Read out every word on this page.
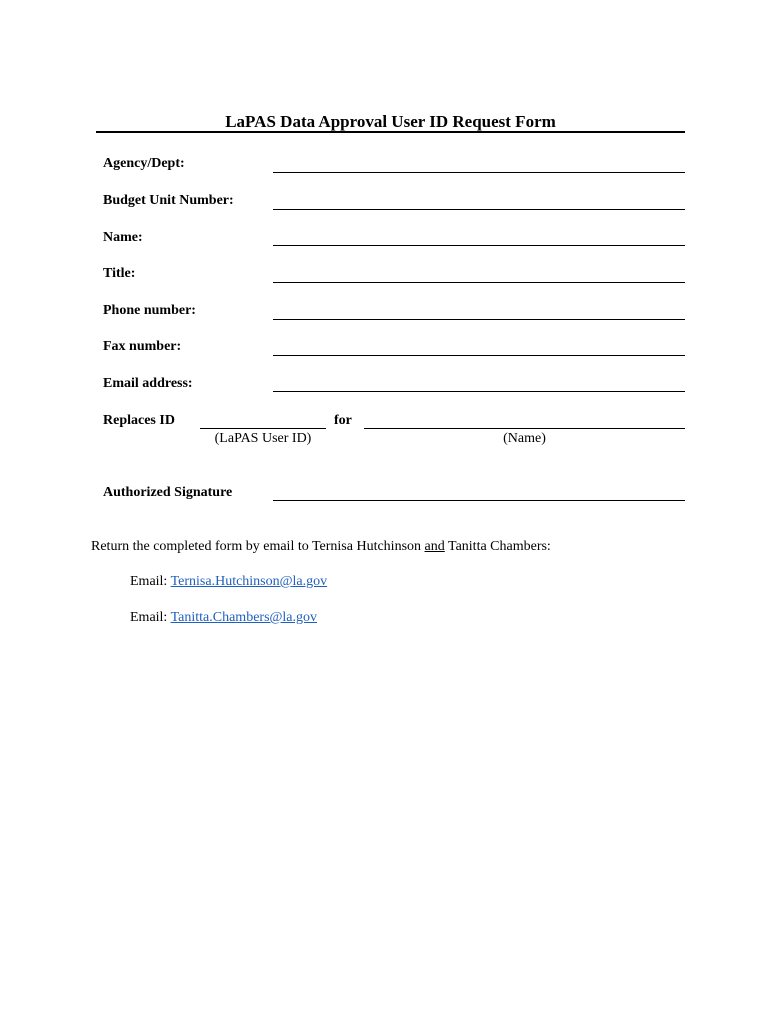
LaPAS Data Approval User ID Request Form
Agency/Dept:
Budget Unit Number:
Name:
Title:
Phone number:
Fax number:
Email address:
Replaces ID	for
(LaPAS User ID)	(Name)
Authorized Signature
Return the completed form by email to Ternisa Hutchinson and Tanitta Chambers:
Email: Ternisa.Hutchinson@la.gov
Email: Tanitta.Chambers@la.gov
